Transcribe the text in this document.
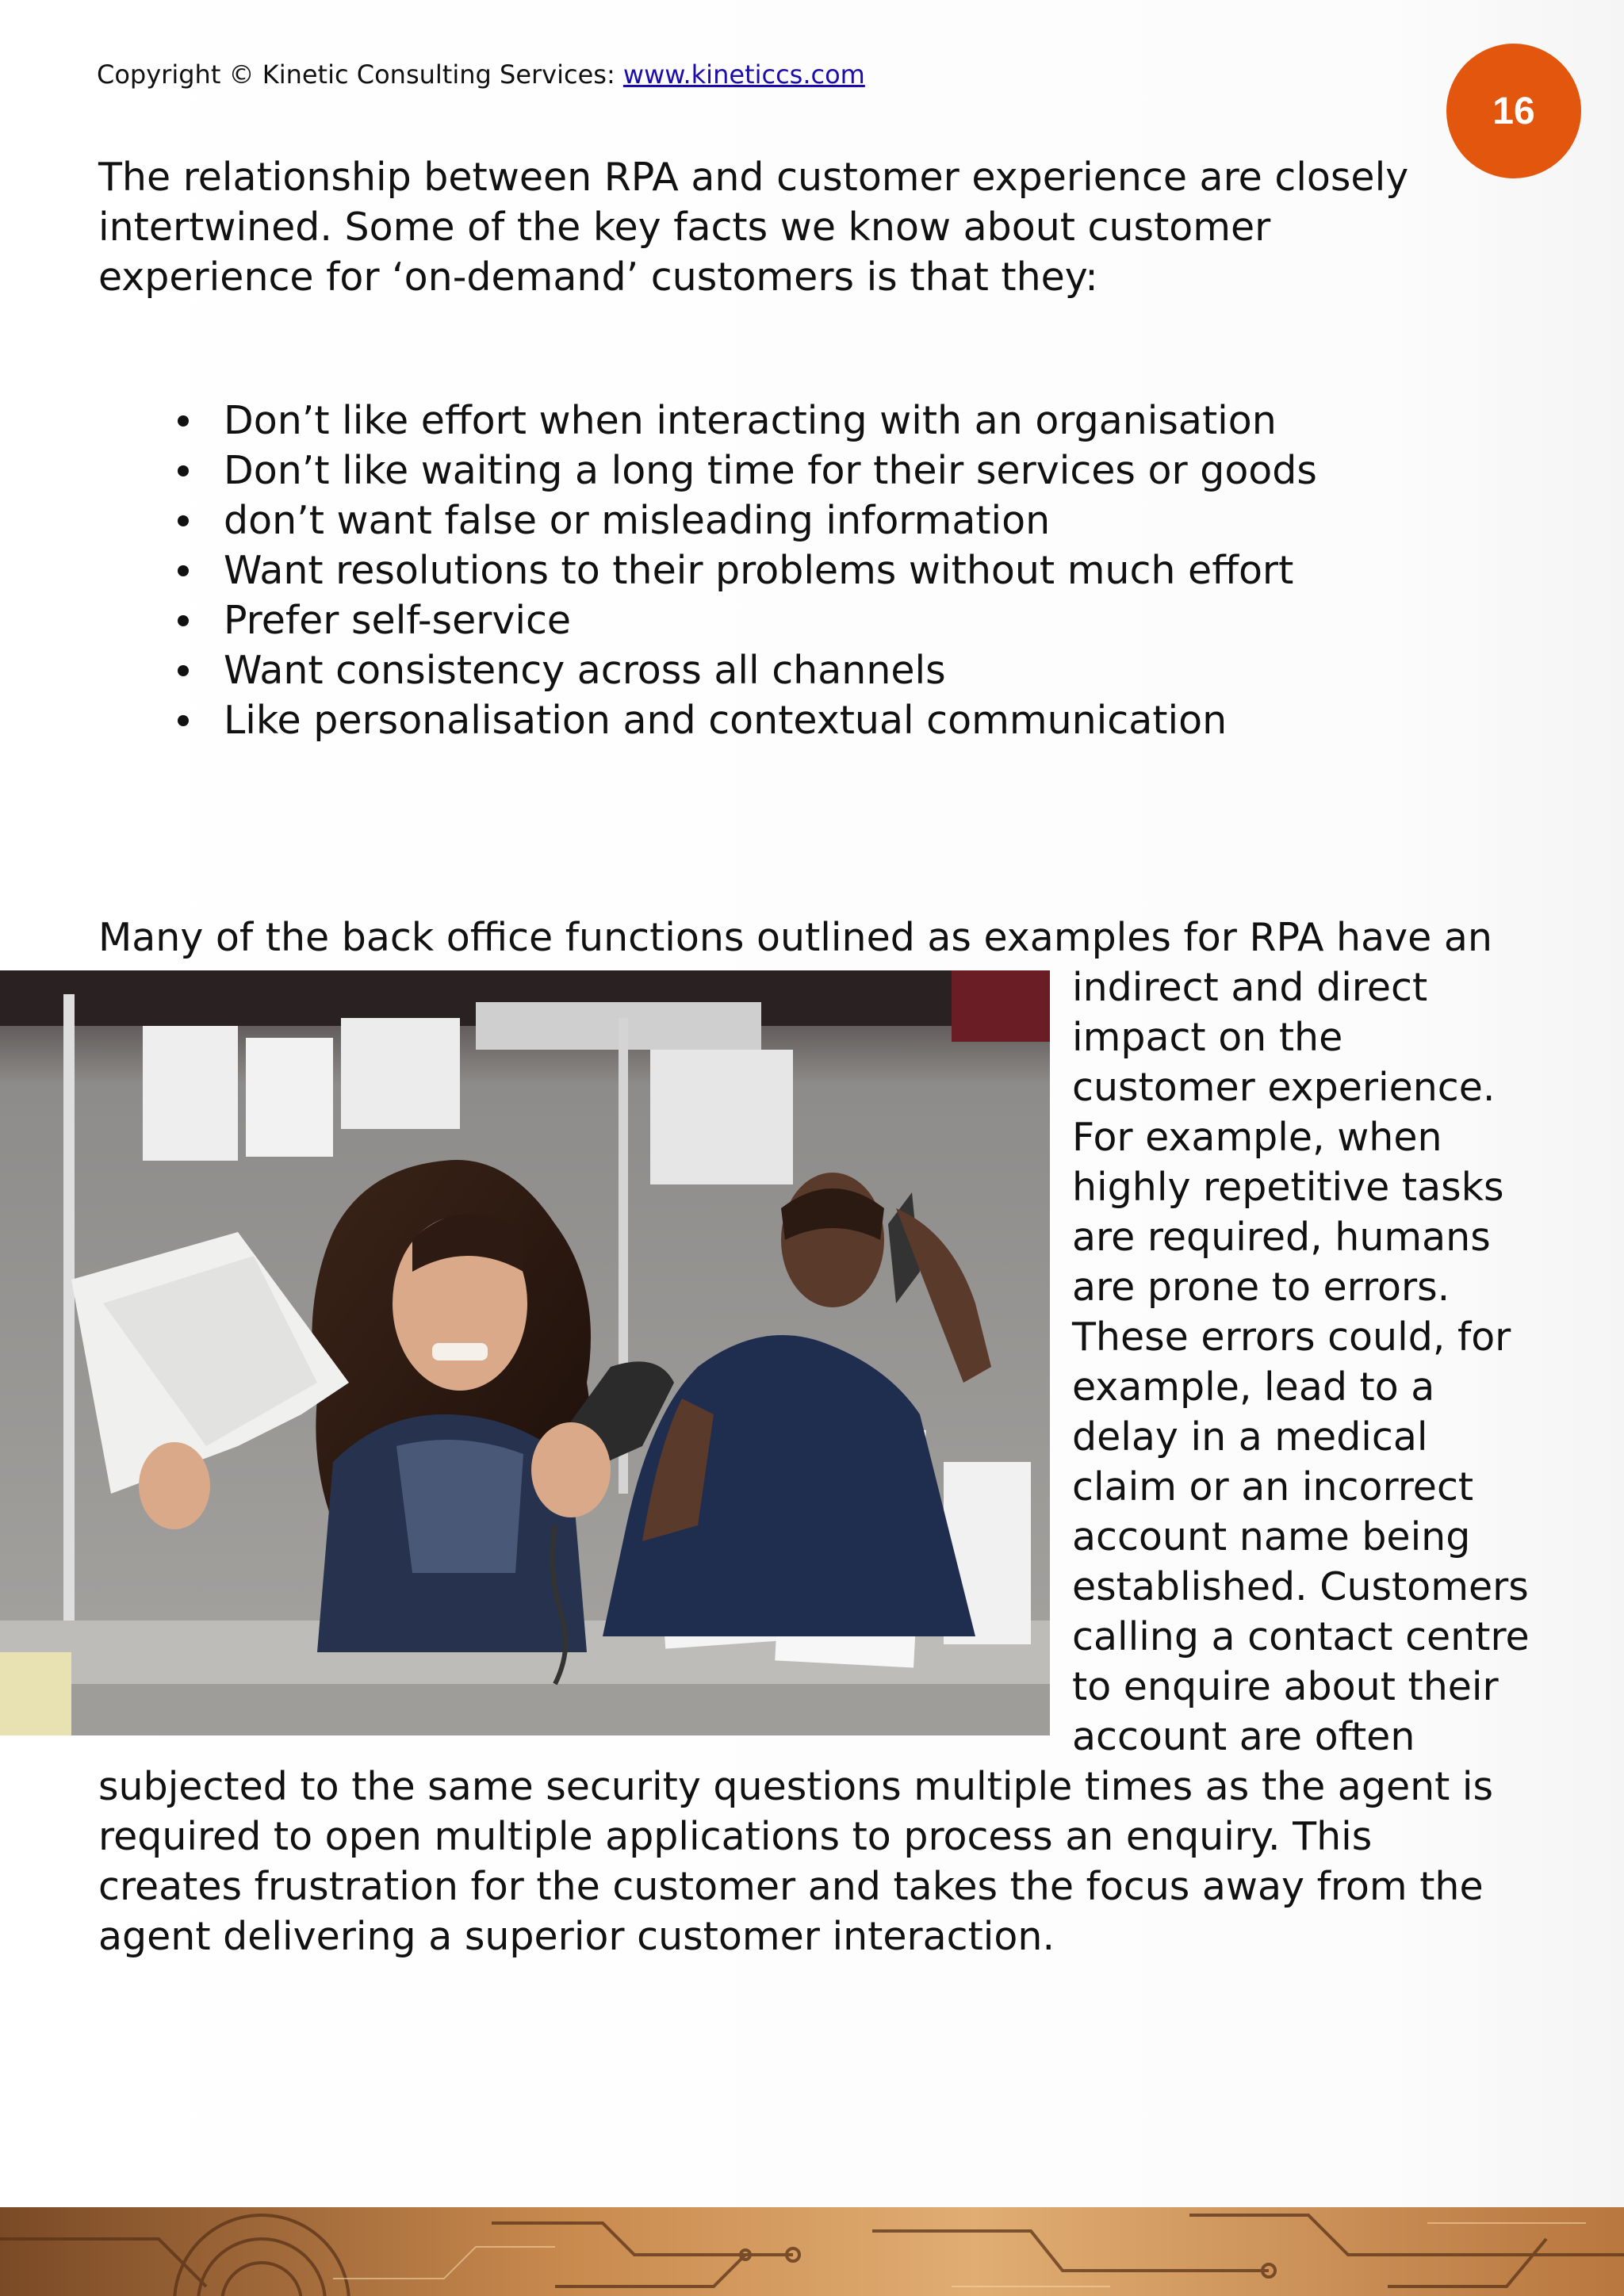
Copyright © Kinetic Consulting Services: www.kineticcs.com
16

The relationship between RPA and customer experience are closely intertwined. Some of the key facts we know about customer experience for ‘on-demand’ customers is that they:

Don’t like effort when interacting with an organisation
Don’t like waiting a long time for their services or goods
don’t want false or misleading information
Want resolutions to their problems without much effort
Prefer self-service
Want consistency across all channels
Like personalisation and contextual communication

Many of the back office functions outlined as examples for RPA have an

indirect and direct
impact on the
customer experience.
For example, when
highly repetitive tasks
are required, humans
are prone to errors.
These errors could, for
example, lead to a
delay in a medical
claim or an incorrect
account name being
established. Customers
calling a contact centre
to enquire about their
account are often

subjected to the same security questions multiple times as the agent is required to open multiple applications to process an enquiry. This creates frustration for the customer and takes the focus away from the agent delivering a superior customer interaction.
